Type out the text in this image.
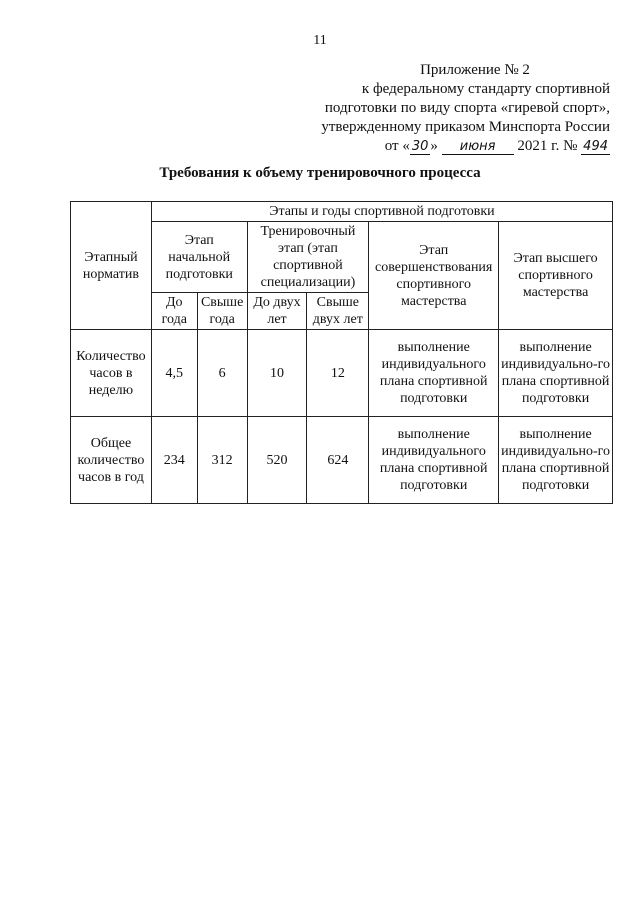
11
Приложение № 2
к федеральному стандарту спортивной
подготовки по виду спорта «гиревой спорт»,
утвержденному приказом Минспорта России
от « 30 » июня 2021 г. № 494
Требования к объему тренировочного процесса
Этапный норматив	Этапы и годы спортивной подготовки					
	Этап начальной подготовки		Тренировочный этап (этап спортивной специализации)		Этап совершенствования спортивного мастерства	Этап высшего спортивного мастерства
	До года	Свыше года	До двух лет	Свыше двух лет		
Количество часов в неделю	4,5	6	10	12	выполнение индивидуального плана спортивной подготовки	выполнение индивидуально-го плана спортивной подготовки
Общее количество часов в год	234	312	520	624	выполнение индивидуального плана спортивной подготовки	выполнение индивидуально-го плана спортивной подготовки
